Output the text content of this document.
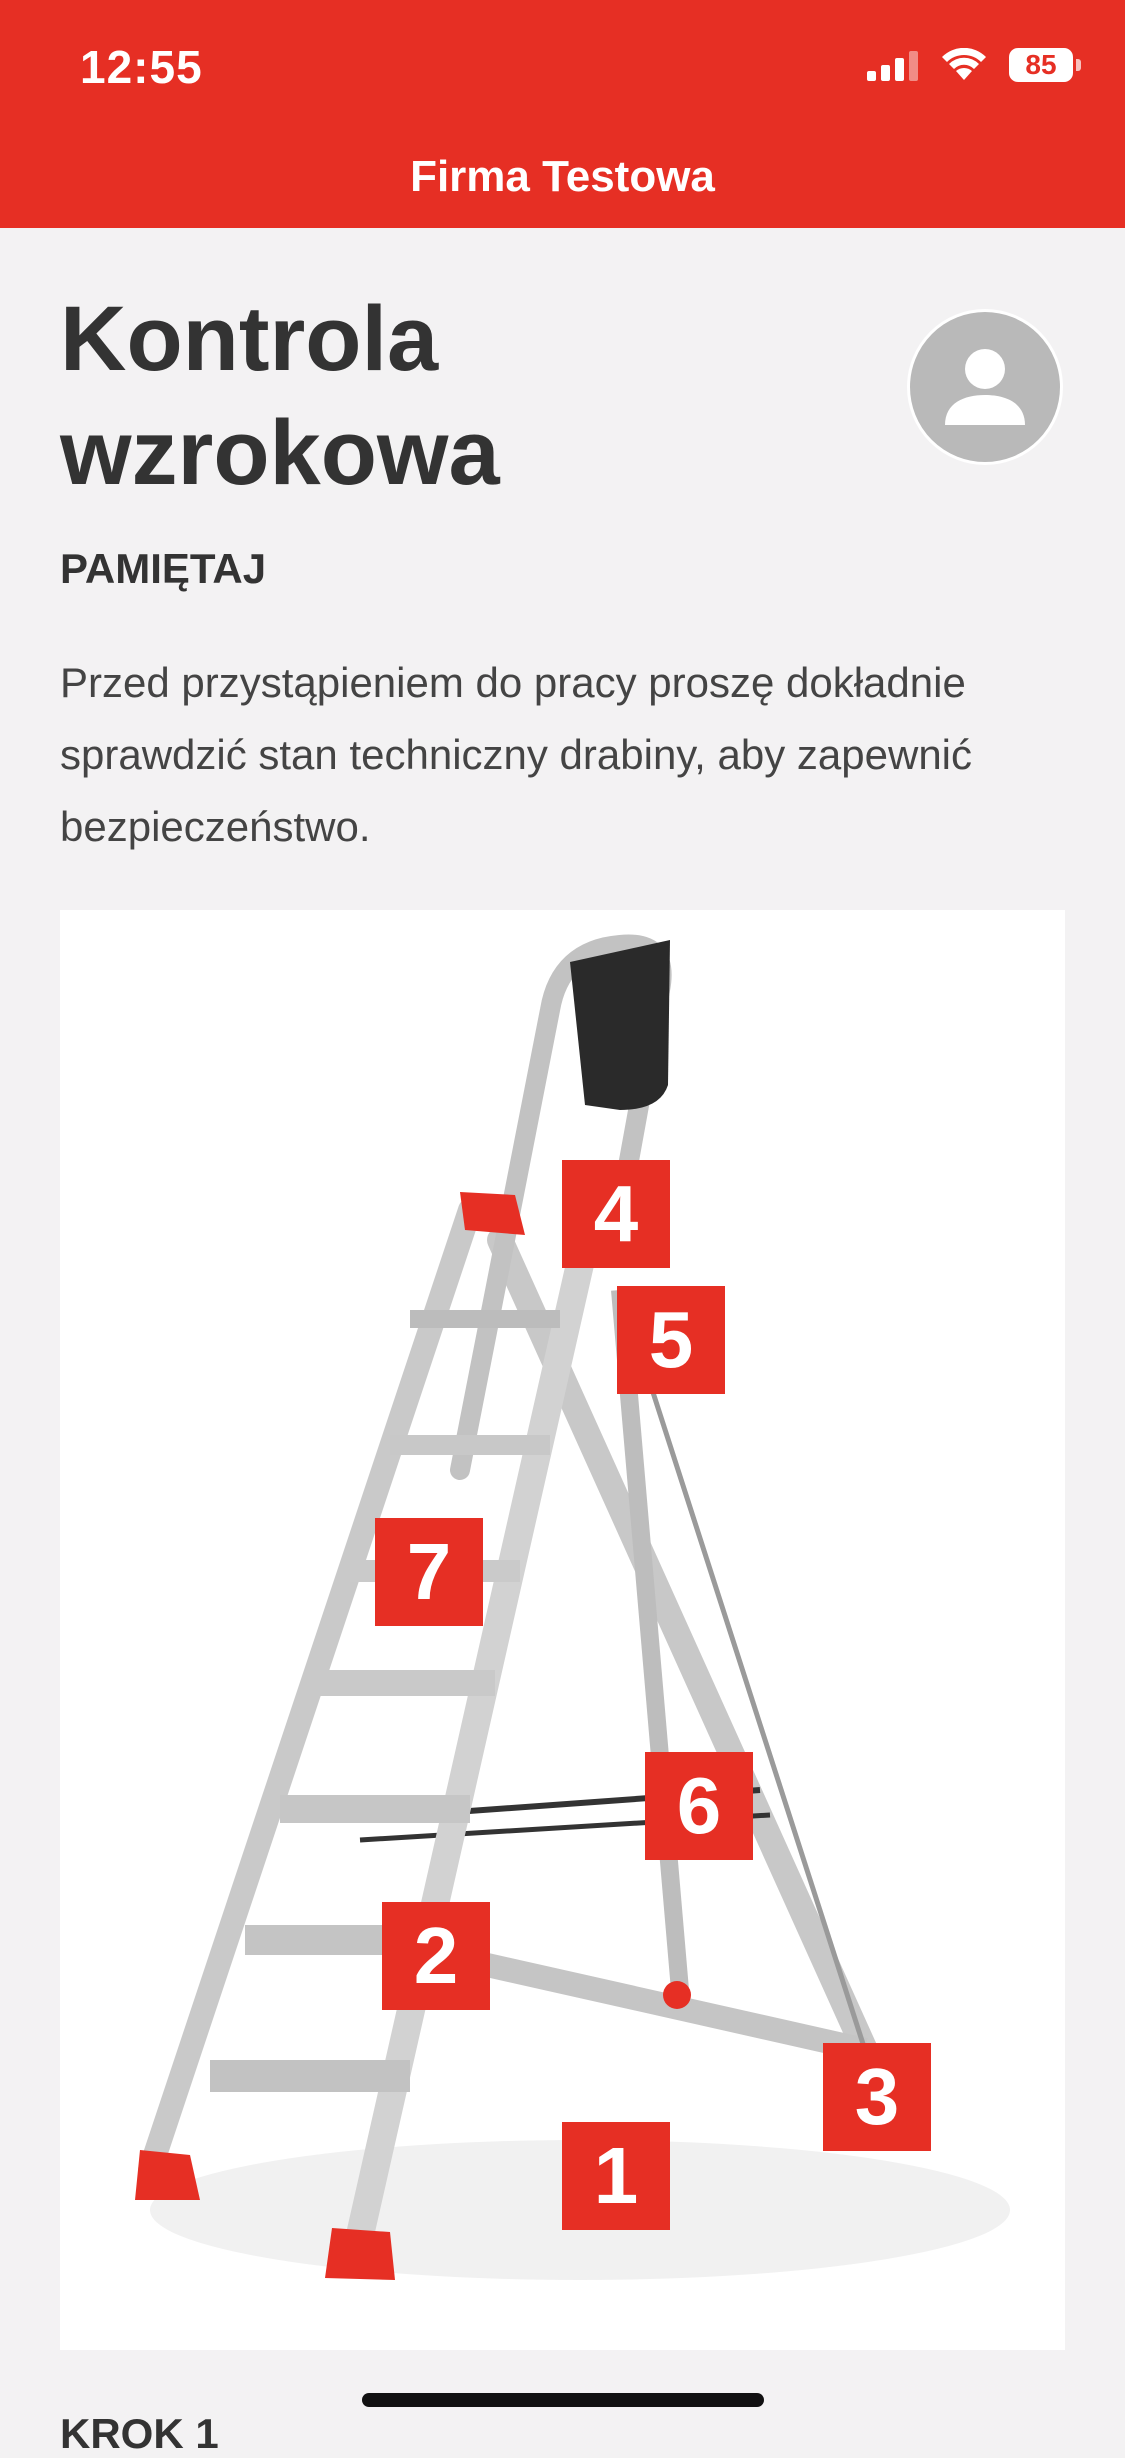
12:55	85
Firma Testowa
Kontrola
wzrokowa
PAMIĘTAJ

Przed przystąpieniem do pracy proszę dokładnie sprawdzić stan techniczny drabiny, aby zapewnić bezpieczeństwo.

1
2
3
4
5
6
7
KROK 1
